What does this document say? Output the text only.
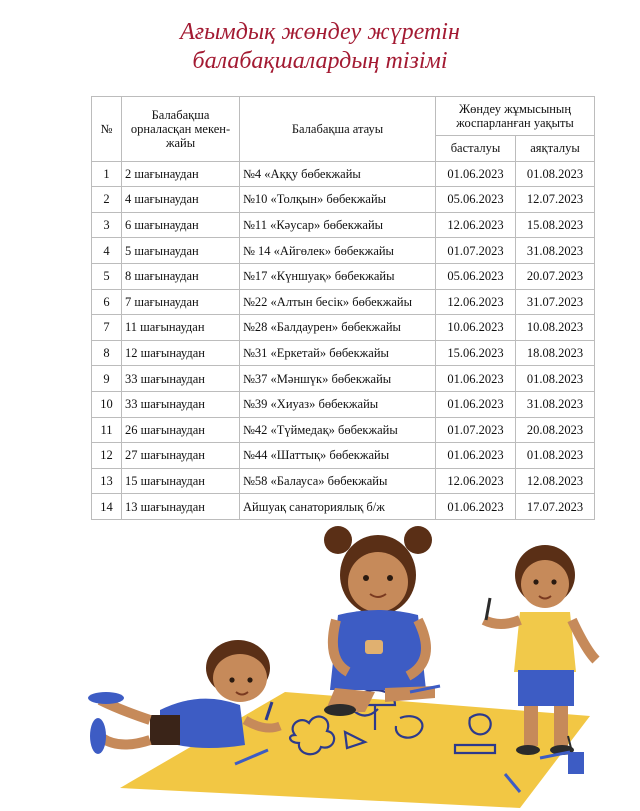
Ағымдық жөндеу жүретін
балабақшалардың тізімі
№	Балабақша орналасқан мекен-жайы	Балабақша атауы	Жөндеу жұмысының жоспарланған уақыты	
			басталуы	аяқталуы
1	2 шағынаудан	№4 «Аққу бөбекжайы	01.06.2023	01.08.2023
2	4 шағынаудан	№10 «Толқын» бөбекжайы	05.06.2023	12.07.2023
3	6 шағынаудан	№11 «Кәусар» бөбекжайы	12.06.2023	15.08.2023
4	5 шағынаудан	№ 14 «Айгөлек» бөбекжайы	01.07.2023	31.08.2023
5	8 шағынаудан	№17 «Күншуақ» бөбекжайы	05.06.2023	20.07.2023
6	7 шағынаудан	№22 «Алтын бесік» бөбекжайы	12.06.2023	31.07.2023
7	11 шағынаудан	№28 «Балдаурен» бөбекжайы	10.06.2023	10.08.2023
8	12 шағынаудан	№31 «Еркетай» бөбекжайы	15.06.2023	18.08.2023
9	33 шағынаудан	№37 «Мәншүк» бөбекжайы	01.06.2023	01.08.2023
10	33 шағынаудан	№39 «Хиуаз» бөбекжайы	01.06.2023	31.08.2023
11	26 шағынаудан	№42 «Түймедақ» бөбекжайы	01.07.2023	20.08.2023
12	27 шағынаудан	№44 «Шаттық» бөбекжайы	01.06.2023	01.08.2023
13	15 шағынаудан	№58 «Балауса» бөбекжайы	12.06.2023	12.08.2023
14	13 шағынаудан	Айшуақ санаториялық б/ж	01.06.2023	17.07.2023
